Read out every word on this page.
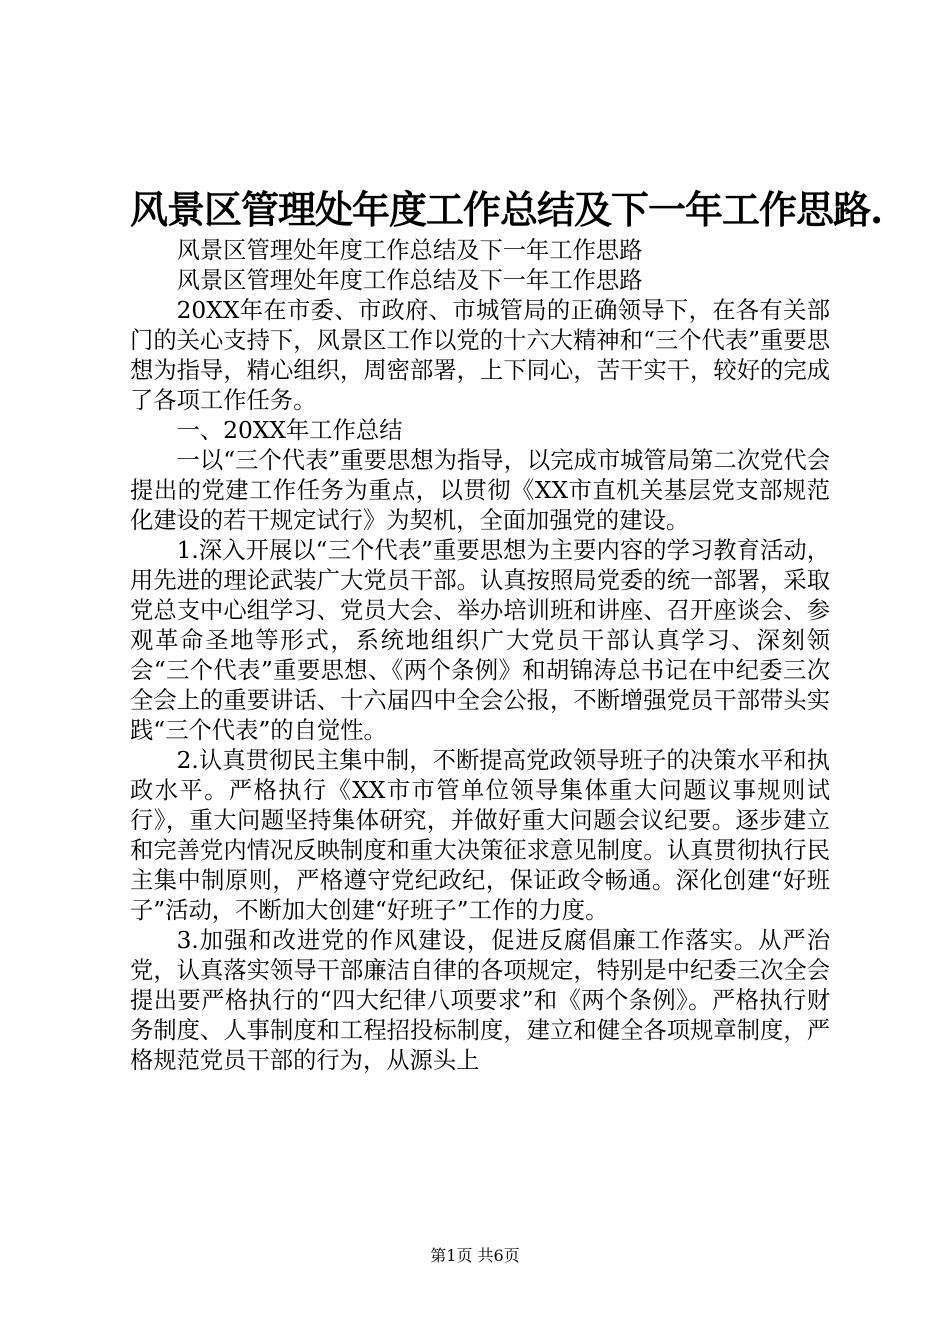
风景区管理处年度工作总结及下一年工作思路.

风景区管理处年度工作总结及下一年工作思路

风景区管理处年度工作总结及下一年工作思路

20XX年在市委、市政府、市城管局的正确领导下，在各有关部门的关心支持下，风景区工作以党的十六大精神和“三个代表”重要思想为指导，精心组织，周密部署，上下同心，苦干实干，较好的完成了各项工作任务。

一、20XX年工作总结

一以“三个代表”重要思想为指导，以完成市城管局第二次党代会提出的党建工作任务为重点，以贯彻《XX市直机关基层党支部规范化建设的若干规定试行》为契机，全面加强党的建设。

1.深入开展以“三个代表”重要思想为主要内容的学习教育活动，用先进的理论武装广大党员干部。认真按照局党委的统一部署，采取党总支中心组学习、党员大会、举办培训班和讲座、召开座谈会、参观革命圣地等形式，系统地组织广大党员干部认真学习、深刻领会“三个代表”重要思想、《两个条例》和胡锦涛总书记在中纪委三次全会上的重要讲话、十六届四中全会公报，不断增强党员干部带头实践“三个代表”的自觉性。

2.认真贯彻民主集中制，不断提高党政领导班子的决策水平和执政水平。严格执行《XX市市管单位领导集体重大问题议事规则试行》，重大问题坚持集体研究，并做好重大问题会议纪要。逐步建立和完善党内情况反映制度和重大决策征求意见制度。认真贯彻执行民主集中制原则，严格遵守党纪政纪，保证政令畅通。深化创建“好班子”活动，不断加大创建“好班子”工作的力度。

3.加强和改进党的作风建设，促进反腐倡廉工作落实。从严治党，认真落实领导干部廉洁自律的各项规定，特别是中纪委三次全会提出要严格执行的“四大纪律八项要求”和《两个条例》。严格执行财务制度、人事制度和工程招投标制度，建立和健全各项规章制度，严格规范党员干部的行为，从源头上

第1页 共6页
